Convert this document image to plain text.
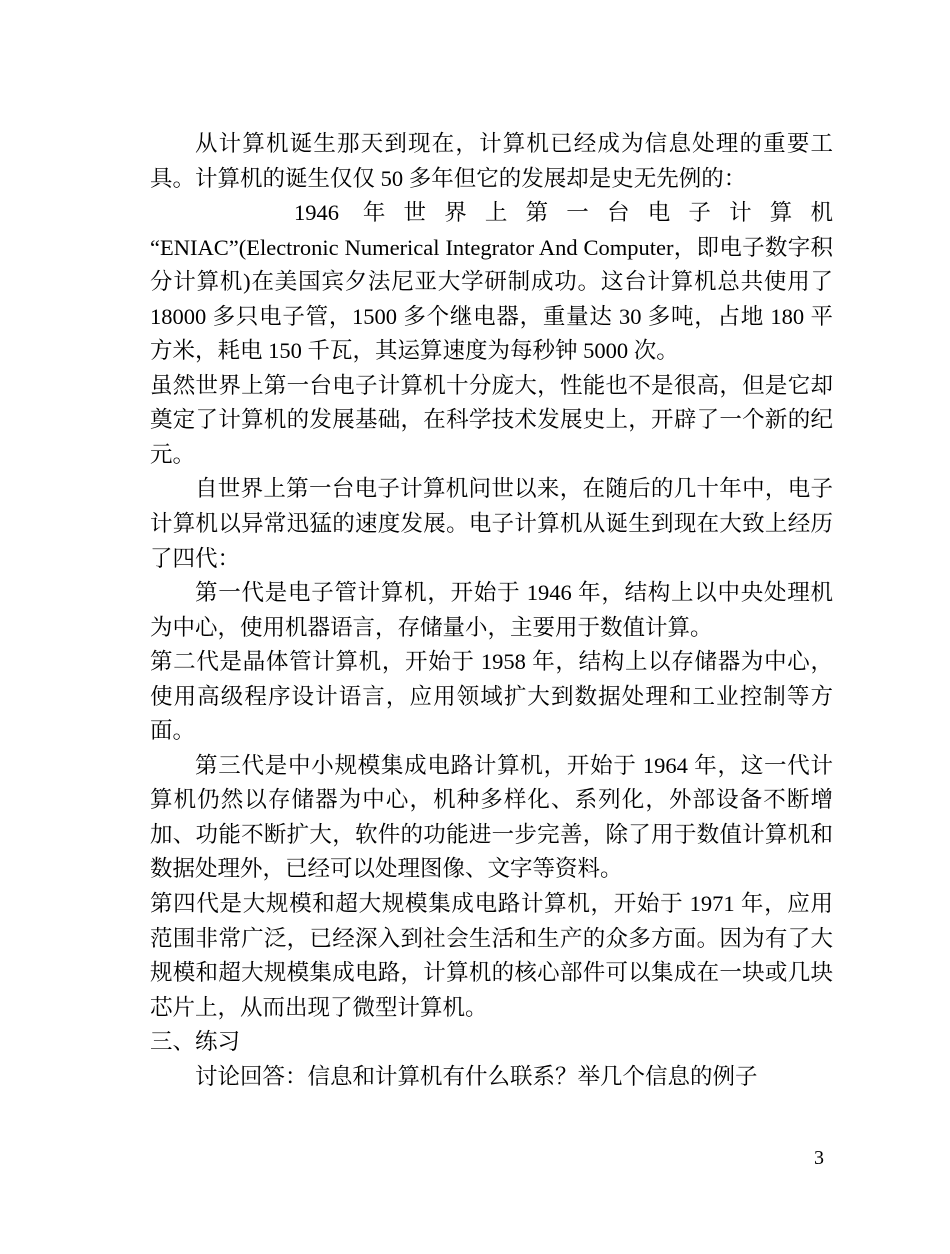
从计算机诞生那天到现在，计算机已经成为信息处理的重要工具。计算机的诞生仅仅 50 多年但它的发展却是史无先例的：

1946 年世界上第一台电子计算机

“ENIAC”(Electronic Numerical Integrator And Computer，即电子数字积分计算机)在美国宾夕法尼亚大学研制成功。这台计算机总共使用了 18000 多只电子管，1500 多个继电器，重量达 30 多吨，占地 180 平方米，耗电 150 千瓦，其运算速度为每秒钟 5000 次。

虽然世界上第一台电子计算机十分庞大，性能也不是很高，但是它却奠定了计算机的发展基础，在科学技术发展史上，开辟了一个新的纪元。

自世界上第一台电子计算机问世以来，在随后的几十年中，电子计算机以异常迅猛的速度发展。电子计算机从诞生到现在大致上经历了四代：

第一代是电子管计算机，开始于 1946 年，结构上以中央处理机为中心，使用机器语言，存储量小，主要用于数值计算。

第二代是晶体管计算机，开始于 1958 年，结构上以存储器为中心，使用高级程序设计语言，应用领域扩大到数据处理和工业控制等方面。

第三代是中小规模集成电路计算机，开始于 1964 年，这一代计算机仍然以存储器为中心，机种多样化、系列化，外部设备不断增加、功能不断扩大，软件的功能进一步完善，除了用于数值计算机和数据处理外，已经可以处理图像、文字等资料。

第四代是大规模和超大规模集成电路计算机，开始于 1971 年，应用范围非常广泛，已经深入到社会生活和生产的众多方面。因为有了大规模和超大规模集成电路，计算机的核心部件可以集成在一块或几块芯片上，从而出现了微型计算机。

三、练习

讨论回答：信息和计算机有什么联系？举几个信息的例子

3
